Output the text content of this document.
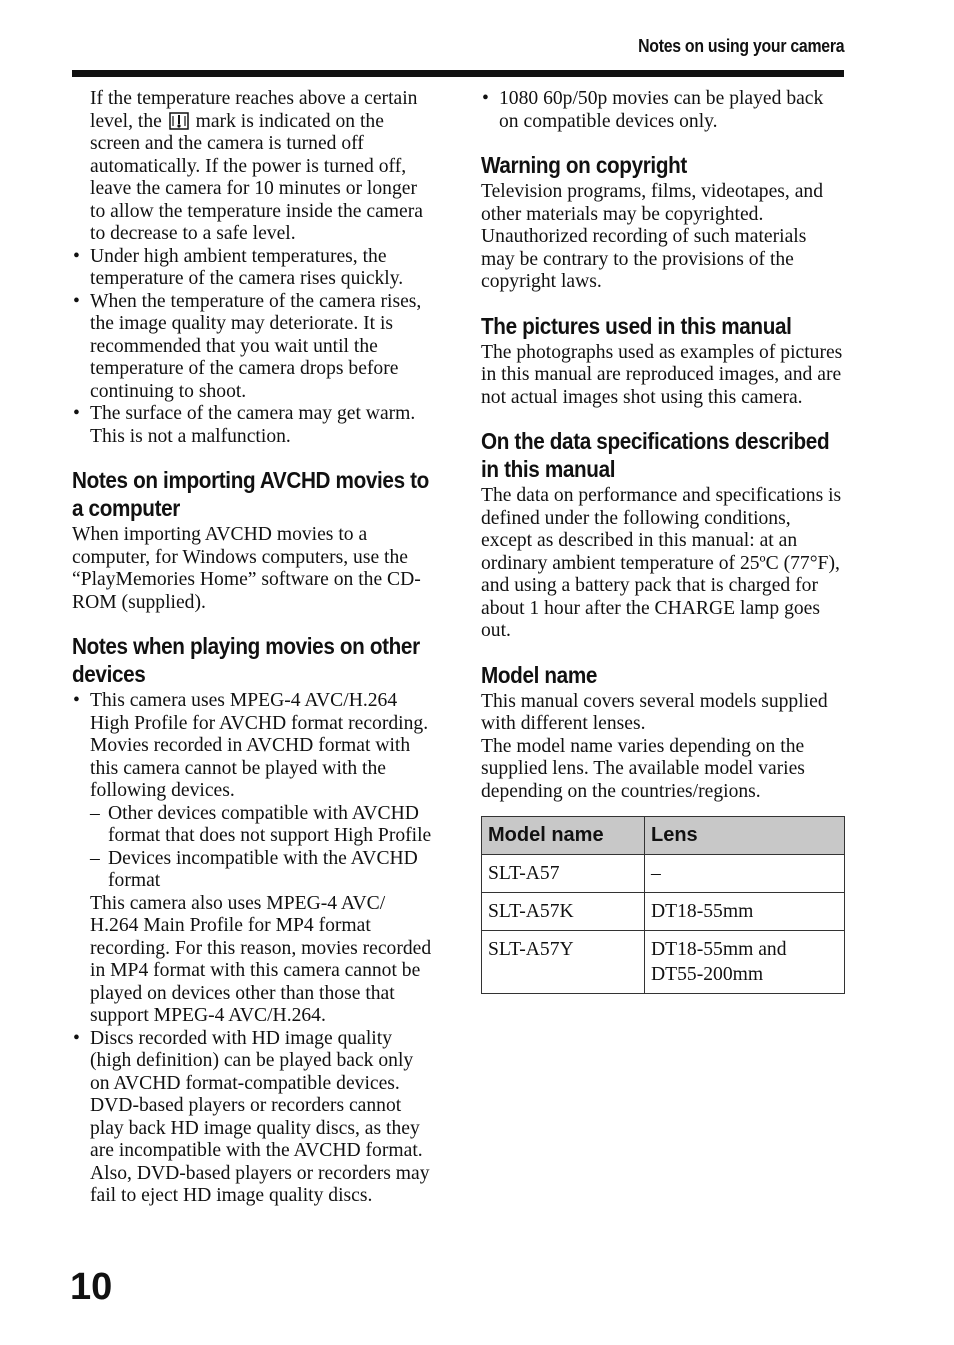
Notes on using your camera

If the temperature reaches above a certain level, the mark is indicated on the screen and the camera is turned off automatically. If the power is turned off, leave the camera for 10 minutes or longer to allow the temperature inside the camera to decrease to a safe level.

• Under high ambient temperatures, the temperature of the camera rises quickly.
• When the temperature of the camera rises, the image quality may deteriorate. It is recommended that you wait until the temperature of the camera drops before continuing to shoot.
• The surface of the camera may get warm. This is not a malfunction.
Notes on importing AVCHD movies to a computer

When importing AVCHD movies to a computer, for Windows computers, use the “PlayMemories Home” software on the CD-ROM (supplied).

Notes when playing movies on other devices
• This camera uses MPEG-4 AVC/H.264 High Profile for AVCHD format recording. Movies recorded in AVCHD format with this camera cannot be played with the following devices.
– Other devices compatible with AVCHD format that does not support High Profile
– Devices incompatible with the AVCHD format
This camera also uses MPEG-4 AVC/ H.264 Main Profile for MP4 format recording. For this reason, movies recorded in MP4 format with this camera cannot be played on devices other than those that support MPEG-4 AVC/H.264.
• Discs recorded with HD image quality (high definition) can be played back only on AVCHD format-compatible devices. DVD-based players or recorders cannot play back HD image quality discs, as they are incompatible with the AVCHD format. Also, DVD-based players or recorders may fail to eject HD image quality discs.
• 1080 60p/50p movies can be played back on compatible devices only.
Warning on copyright

Television programs, films, videotapes, and other materials may be copyrighted. Unauthorized recording of such materials may be contrary to the provisions of the copyright laws.

The pictures used in this manual

The photographs used as examples of pictures in this manual are reproduced images, and are not actual images shot using this camera.

On the data specifications described in this manual

The data on performance and specifications is defined under the following conditions, except as described in this manual: at an ordinary ambient temperature of 25ºC (77°F), and using a battery pack that is charged for about 1 hour after the CHARGE lamp goes out.

Model name

This manual covers several models supplied with different lenses.

The model name varies depending on the supplied lens. The available model varies depending on the countries/regions.

Model name	Lens
SLT-A57	–
SLT-A57K	DT18-55mm
SLT-A57Y	DT18-55mm and DT55-200mm
10
